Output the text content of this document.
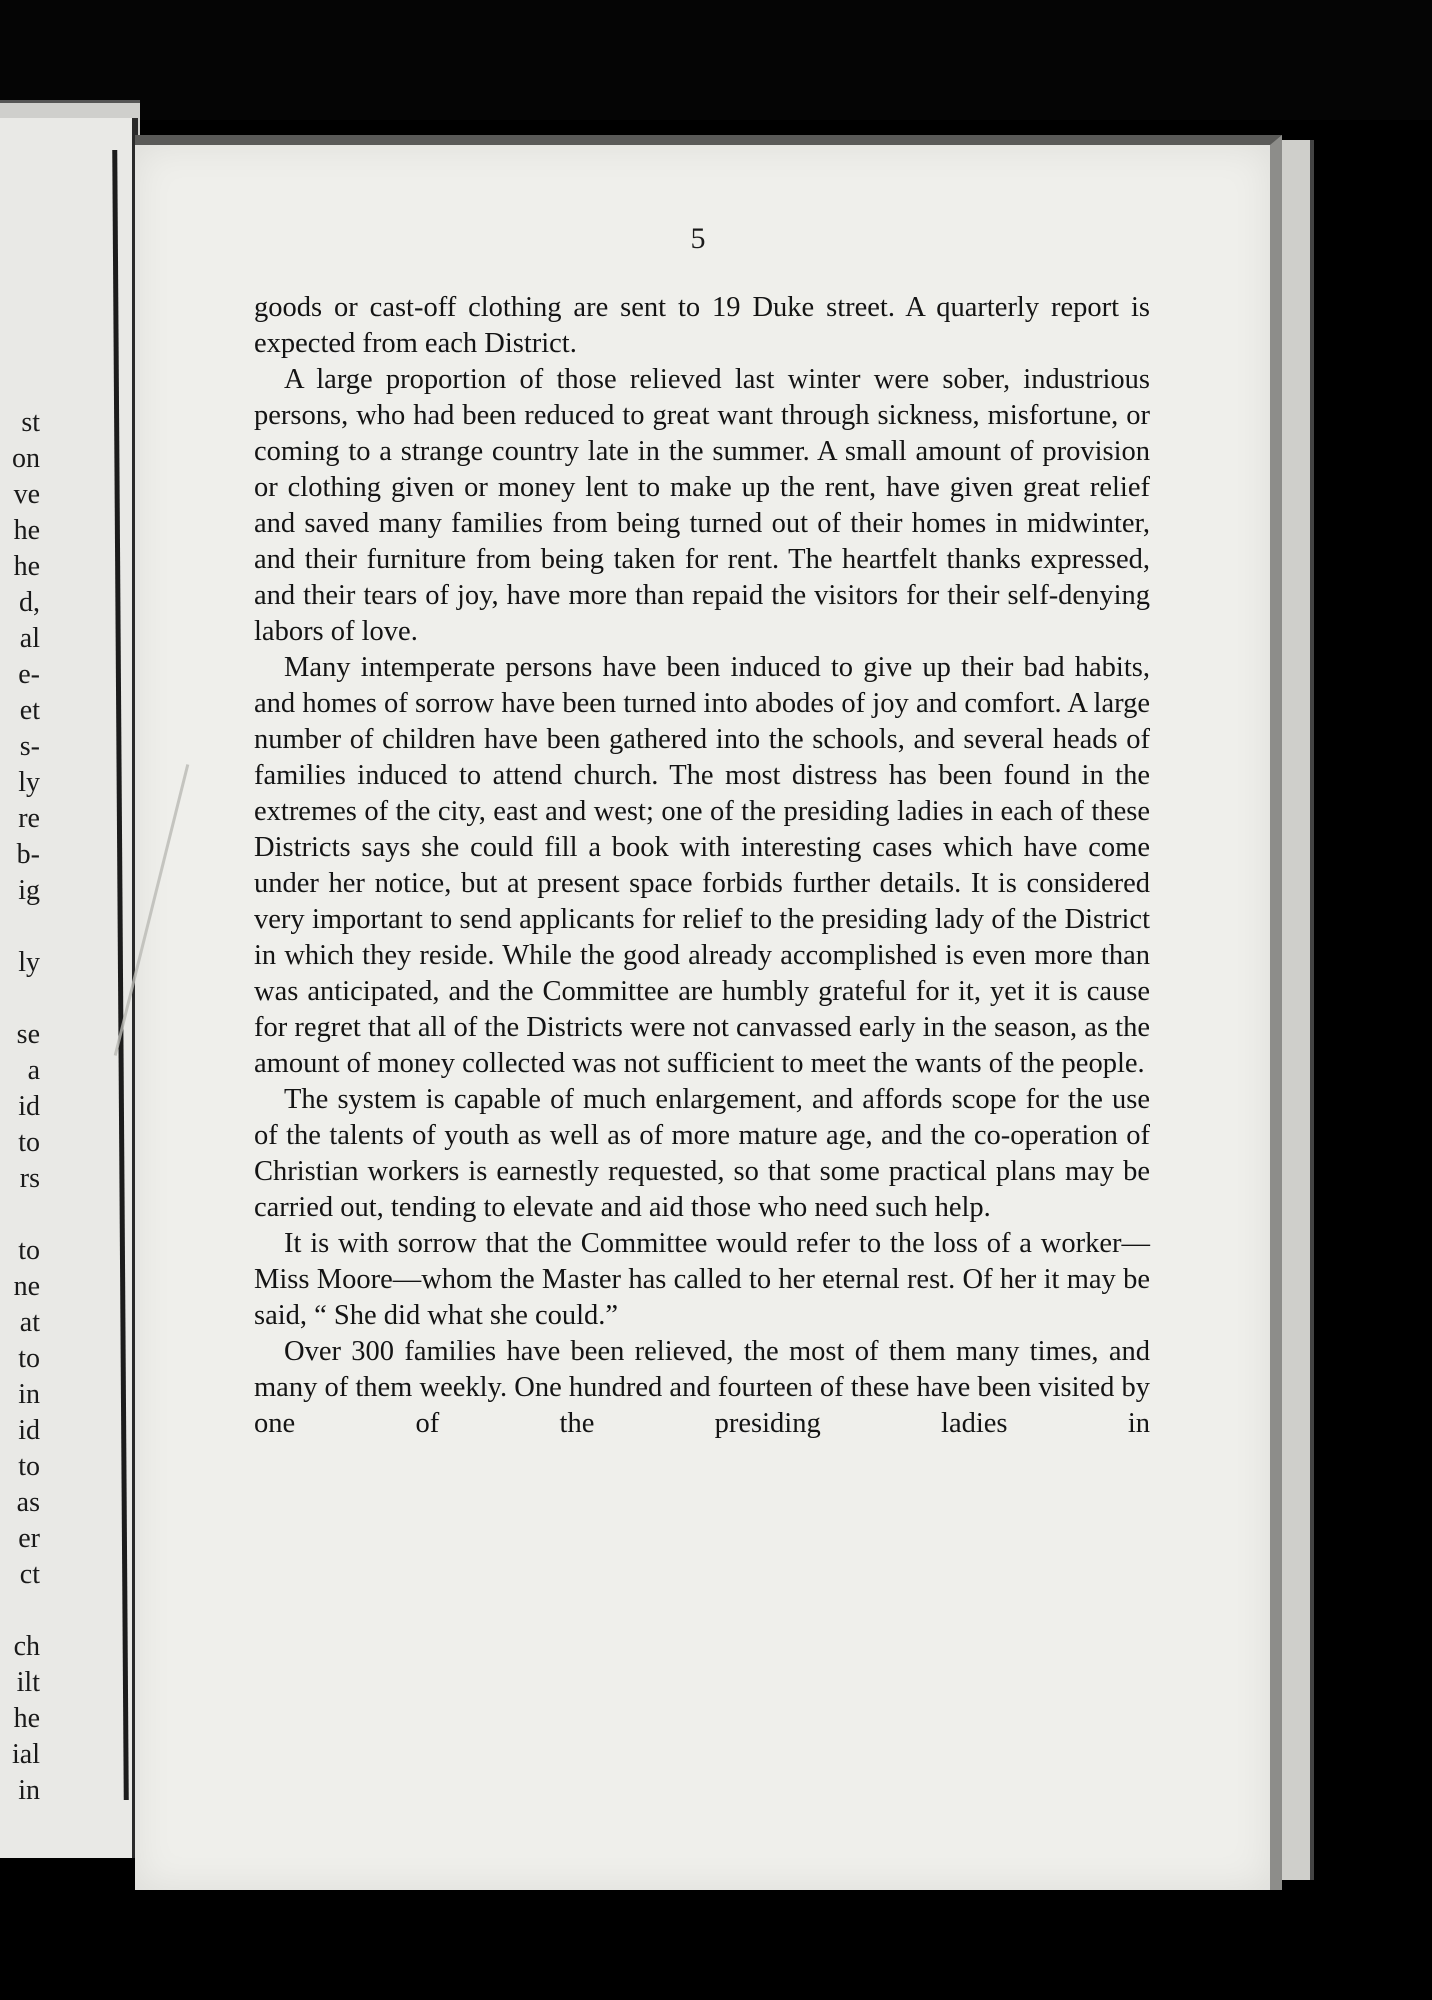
st
on
ve
he
he
d,
al
e-
et
s-
ly
re
b-
ig
ly
se
a
id
to
rs
to
ne
at
to
in
id
to
as
er
ct
ch
ilt
he
ial
in
5

goods or cast-off clothing are sent to 19 Duke street. A quarterly report is expected from each District.

A large proportion of those relieved last winter were sober, industrious persons, who had been reduced to great want through sickness, misfortune, or coming to a strange country late in the summer. A small amount of provision or clothing given or money lent to make up the rent, have given great relief and saved many families from being turned out of their homes in midwinter, and their furniture from being taken for rent. The heartfelt thanks expressed, and their tears of joy, have more than repaid the visitors for their self-denying labors of love.

Many intemperate persons have been induced to give up their bad habits, and homes of sorrow have been turned into abodes of joy and comfort. A large number of children have been gathered into the schools, and several heads of families induced to attend church. The most distress has been found in the extremes of the city, east and west; one of the presiding ladies in each of these Districts says she could fill a book with interesting cases which have come under her notice, but at present space forbids further details. It is considered very important to send applicants for relief to the presiding lady of the District in which they reside. While the good already accomplished is even more than was anticipated, and the Committee are humbly grateful for it, yet it is cause for regret that all of the Districts were not canvassed early in the season, as the amount of money collected was not sufficient to meet the wants of the people.

The system is capable of much enlargement, and affords scope for the use of the talents of youth as well as of more mature age, and the co-operation of Christian workers is earnestly requested, so that some practical plans may be carried out, tending to elevate and aid those who need such help.

It is with sorrow that the Committee would refer to the loss of a worker—Miss Moore—whom the Master has called to her eternal rest. Of her it may be said, “ She did what she could.”

Over 300 families have been relieved, the most of them many times, and many of them weekly. One hundred and fourteen of these have been visited by one of the presiding ladies in
